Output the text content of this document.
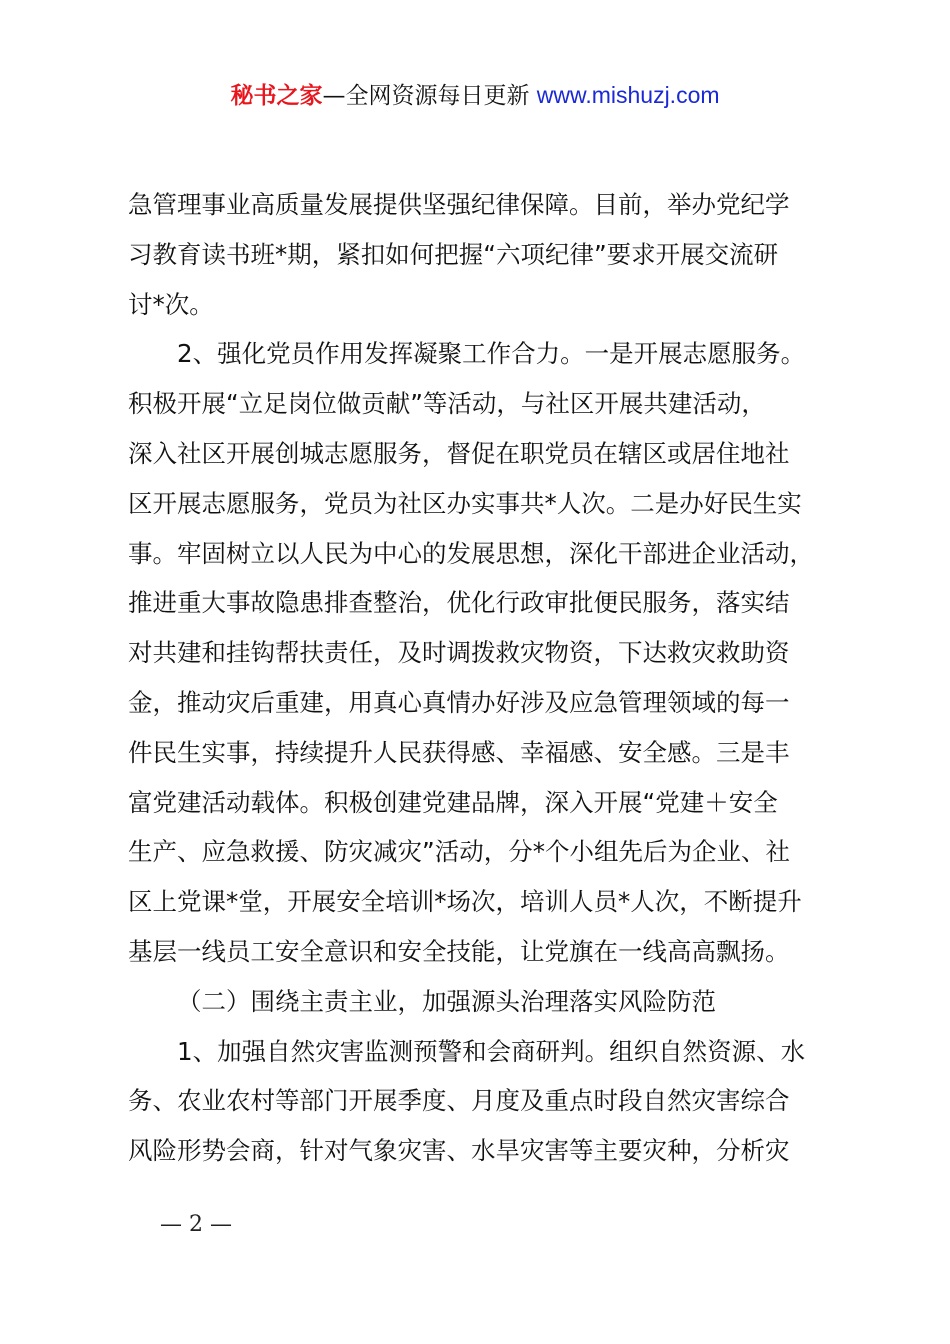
秘书之家—全网资源每日更新 www.mishuzj.com
急管理事业高质量发展提供坚强纪律保障。目前，举办党纪学
习教育读书班*期，紧扣如何把握“六项纪律”要求开展交流研
讨*次。
2、强化党员作用发挥凝聚工作合力。一是开展志愿服务。
积极开展“立足岗位做贡献”等活动，与社区开展共建活动，
深入社区开展创城志愿服务，督促在职党员在辖区或居住地社
区开展志愿服务，党员为社区办实事共*人次。二是办好民生实
事。牢固树立以人民为中心的发展思想，深化干部进企业活动，
推进重大事故隐患排查整治，优化行政审批便民服务，落实结
对共建和挂钩帮扶责任，及时调拨救灾物资，下达救灾救助资
金，推动灾后重建，用真心真情办好涉及应急管理领域的每一
件民生实事，持续提升人民获得感、幸福感、安全感。三是丰
富党建活动载体。积极创建党建品牌，深入开展“党建＋安全
生产、应急救援、防灾减灾”活动，分*个小组先后为企业、社
区上党课*堂，开展安全培训*场次，培训人员*人次，不断提升
基层一线员工安全意识和安全技能，让党旗在一线高高飘扬。
（二）围绕主责主业，加强源头治理落实风险防范
1、加强自然灾害监测预警和会商研判。组织自然资源、水
务、农业农村等部门开展季度、月度及重点时段自然灾害综合
风险形势会商，针对气象灾害、水旱灾害等主要灾种，分析灾
— 2 —
